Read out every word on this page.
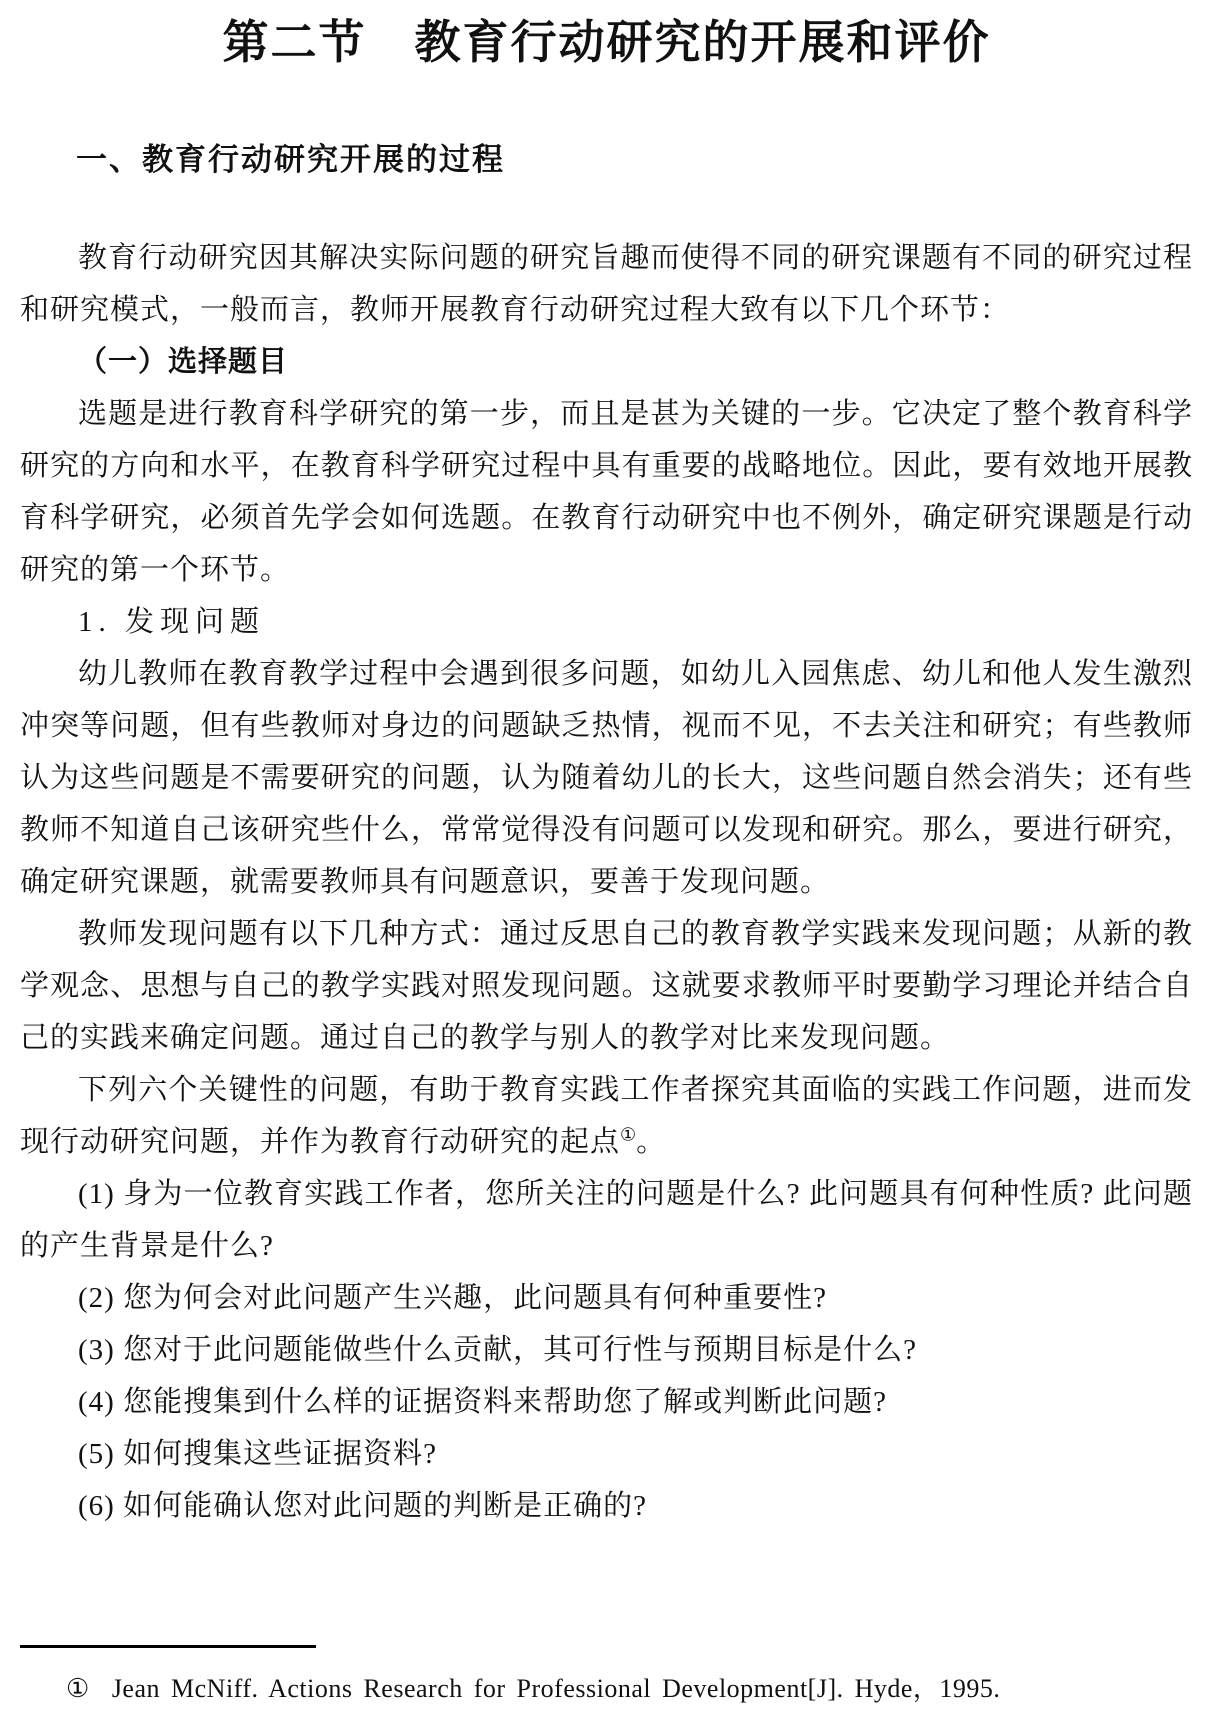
第二节　教育行动研究的开展和评价
一、教育行动研究开展的过程

教育行动研究因其解决实际问题的研究旨趣而使得不同的研究课题有不同的研究过程和研究模式，一般而言，教师开展教育行动研究过程大致有以下几个环节：

（一）选择题目

选题是进行教育科学研究的第一步，而且是甚为关键的一步。它决定了整个教育科学研究的方向和水平，在教育科学研究过程中具有重要的战略地位。因此，要有效地开展教育科学研究，必须首先学会如何选题。在教育行动研究中也不例外，确定研究课题是行动研究的第一个环节。

1. 发现问题

幼儿教师在教育教学过程中会遇到很多问题，如幼儿入园焦虑、幼儿和他人发生激烈冲突等问题，但有些教师对身边的问题缺乏热情，视而不见，不去关注和研究；有些教师认为这些问题是不需要研究的问题，认为随着幼儿的长大，这些问题自然会消失；还有些教师不知道自己该研究些什么，常常觉得没有问题可以发现和研究。那么，要进行研究，确定研究课题，就需要教师具有问题意识，要善于发现问题。

教师发现问题有以下几种方式：通过反思自己的教育教学实践来发现问题；从新的教学观念、思想与自己的教学实践对照发现问题。这就要求教师平时要勤学习理论并结合自己的实践来确定问题。通过自己的教学与别人的教学对比来发现问题。

下列六个关键性的问题，有助于教育实践工作者探究其面临的实践工作问题，进而发现行动研究问题，并作为教育行动研究的起点①。

(1) 身为一位教育实践工作者，您所关注的问题是什么? 此问题具有何种性质? 此问题的产生背景是什么?

(2) 您为何会对此问题产生兴趣，此问题具有何种重要性?

(3) 您对于此问题能做些什么贡献，其可行性与预期目标是什么?

(4) 您能搜集到什么样的证据资料来帮助您了解或判断此问题?

(5) 如何搜集这些证据资料?

(6) 如何能确认您对此问题的判断是正确的?

① Jean McNiff. Actions Research for Professional Development[J]. Hyde，1995.
